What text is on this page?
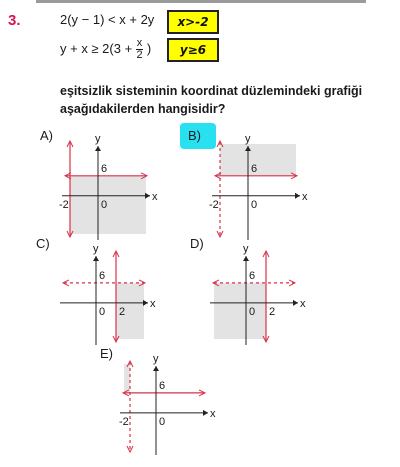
3.	2(y − 1) < x + 2y
$y + x \ge 2(3 + \frac{x}{2}$ )
x>-2
y≥6
eşitsizlik sisteminin koordinat düzlemindeki grafiği
aşağıdakilerden hangisidir?
A)	B)
C)	D)
E)
x
y
6
-2	0
x
y
6
-2	0
x
y
6
2
0
x
y
6
2
0
x
y
6
-2	0
